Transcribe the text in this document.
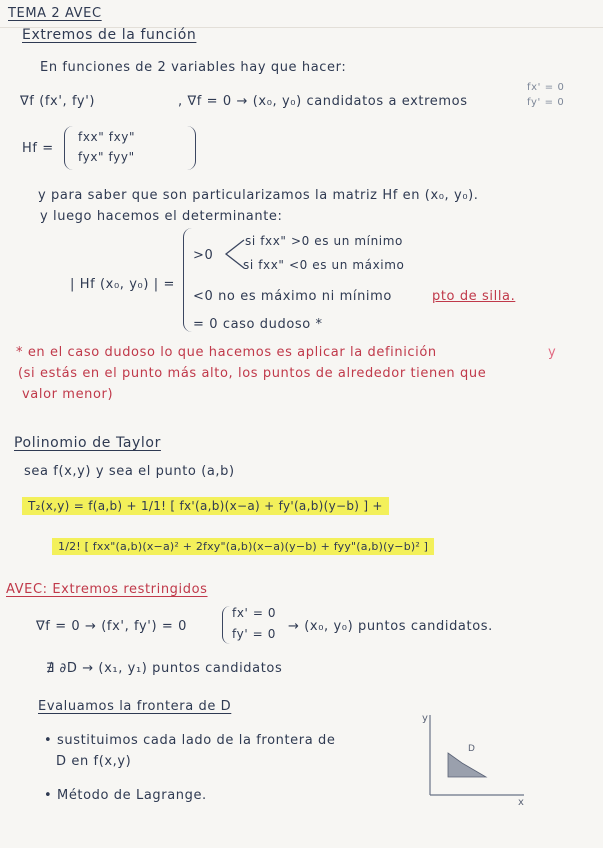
TEMA 2 AVEC
Extremos de la función
En funciones de 2 variables hay que hacer:
∇f (fx', fy')	, ∇f = 0 → (x₀, y₀) candidatos a extremos
fx' = 0
fy' = 0
Hf =
fxx" fxy"
fyx" fyy"
y para saber que son particularizamos la matriz Hf en (x₀, y₀).
y luego hacemos el determinante:
| Hf (x₀, y₀) | =
>0
si fxx" >0 es un mínimo
si fxx" <0 es un máximo
<0 no es máximo ni mínimo	pto de silla.
= 0 caso dudoso *
* en el caso dudoso lo que hacemos es aplicar la definición	y
(si estás en el punto más alto, los puntos de alrededor tienen que
valor menor)
Polinomio de Taylor
sea f(x,y) y sea el punto (a,b)
T₂(x,y) = f(a,b) + 1/1! [ fx'(a,b)(x−a) + fy'(a,b)(y−b) ] +
1/2! [ fxx"(a,b)(x−a)² + 2fxy"(a,b)(x−a)(y−b) + fyy"(a,b)(y−b)² ]
AVEC: Extremos restringidos
∇f = 0 → (fx', fy') = 0
fx' = 0
fy' = 0 → (x₀, y₀) puntos candidatos.
∄ ∂D → (x₁, y₁) puntos candidatos
Evaluamos la frontera de D
• sustituimos cada lado de la frontera de
D en f(x,y)
• Método de Lagrange.
y
x
D
